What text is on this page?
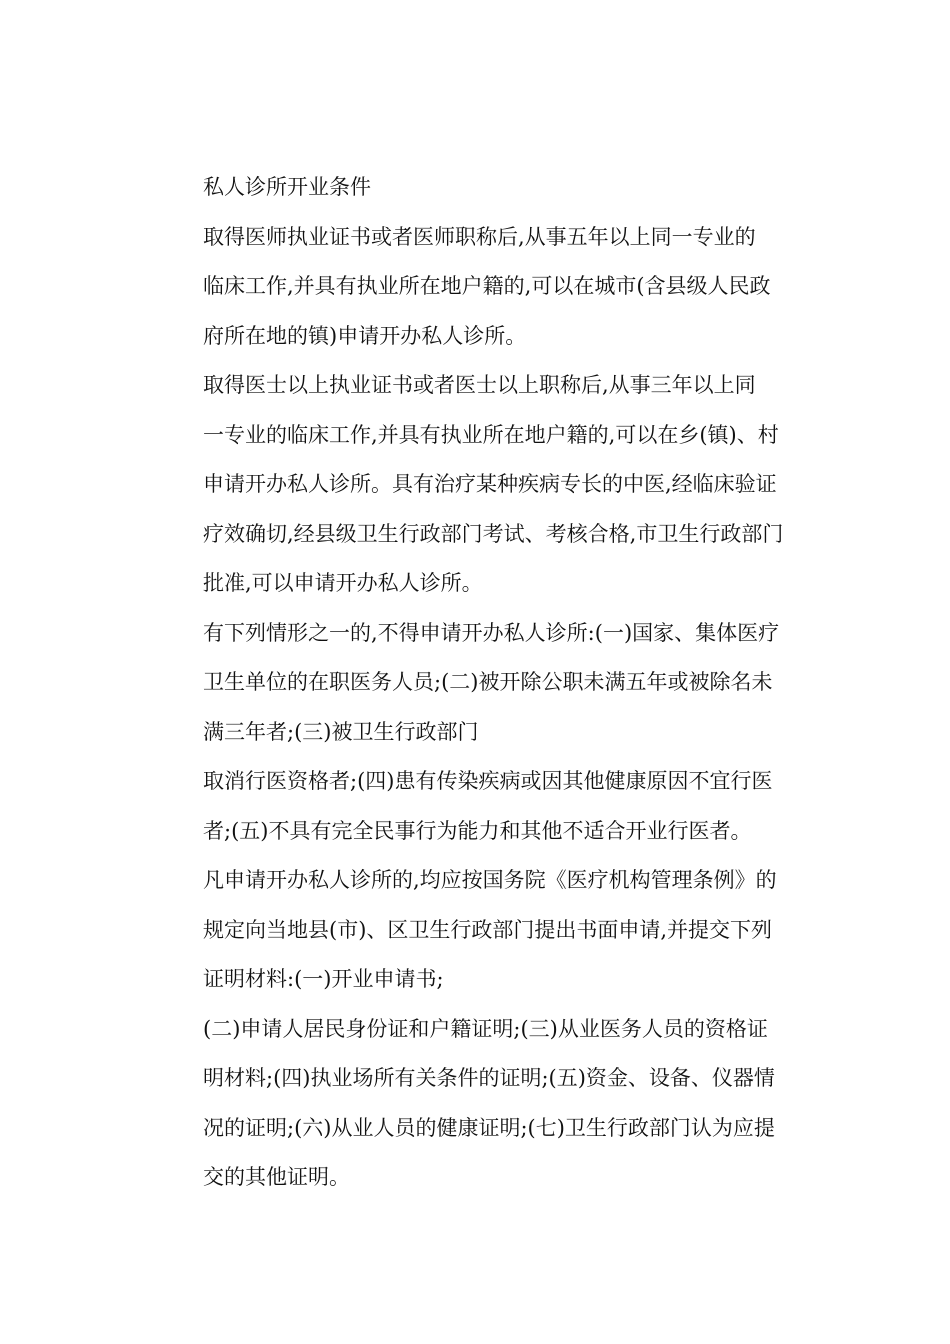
私人诊所开业条件

取得医师执业证书或者医师职称后,从事五年以上同一专业的

临床工作,并具有执业所在地户籍的,可以在城市(含县级人民政

府所在地的镇)申请开办私人诊所。

取得医士以上执业证书或者医士以上职称后,从事三年以上同

一专业的临床工作,并具有执业所在地户籍的,可以在乡(镇)、村

申请开办私人诊所。具有治疗某种疾病专长的中医,经临床验证

疗效确切,经县级卫生行政部门考试、考核合格,市卫生行政部门

批准,可以申请开办私人诊所。

有下列情形之一的,不得申请开办私人诊所:(一)国家、集体医疗

卫生单位的在职医务人员;(二)被开除公职未满五年或被除名未

满三年者;(三)被卫生行政部门

取消行医资格者;(四)患有传染疾病或因其他健康原因不宜行医

者;(五)不具有完全民事行为能力和其他不适合开业行医者。

凡申请开办私人诊所的,均应按国务院《医疗机构管理条例》的

规定向当地县(市)、区卫生行政部门提出书面申请,并提交下列

证明材料:(一)开业申请书;

(二)申请人居民身份证和户籍证明;(三)从业医务人员的资格证

明材料;(四)执业场所有关条件的证明;(五)资金、设备、仪器情

况的证明;(六)从业人员的健康证明;(七)卫生行政部门认为应提

交的其他证明。
